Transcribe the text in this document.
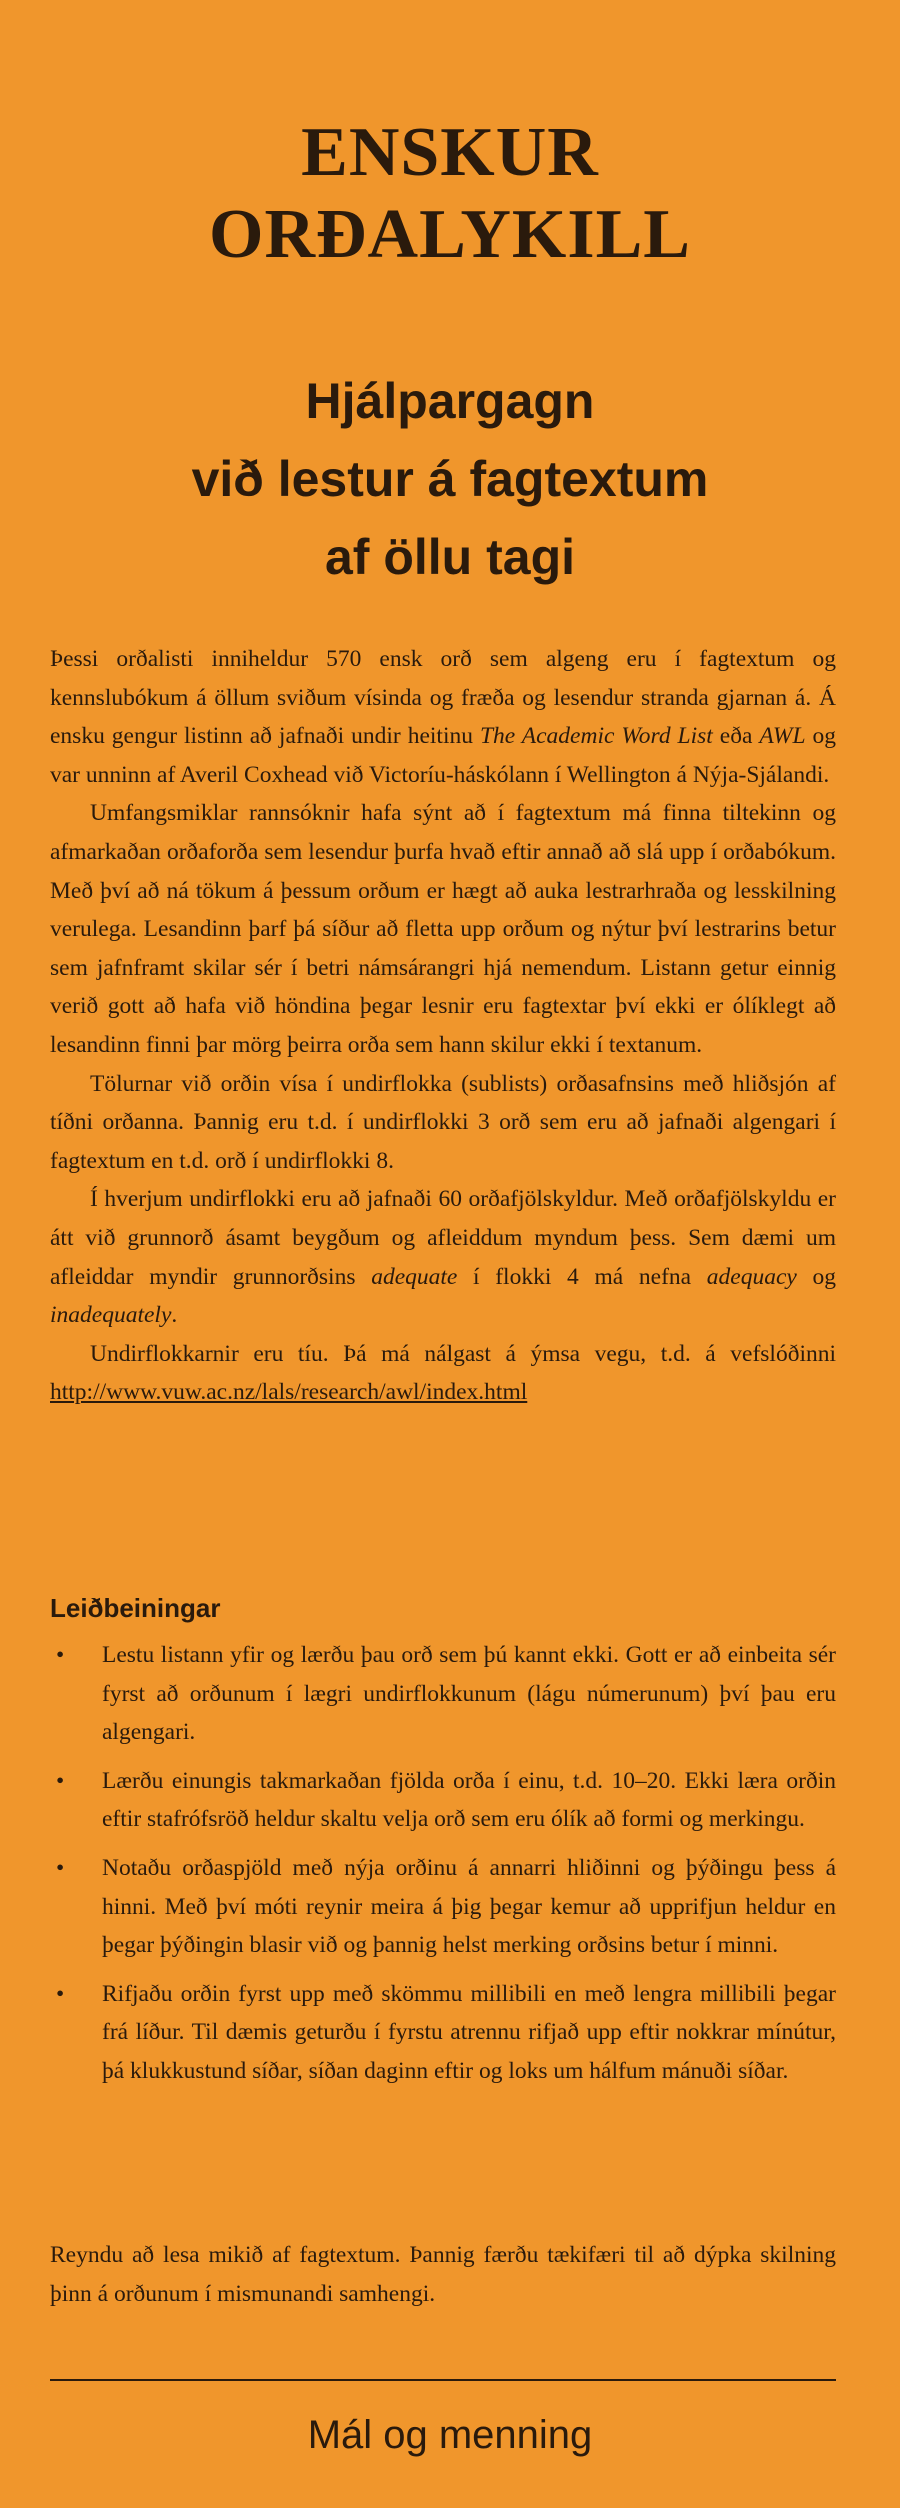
ENSKUR
ORÐALYKILL
Hjálpargagn
við lestur á fagtextum
af öllu tagi

Þessi orðalisti inniheldur 570 ensk orð sem algeng eru í fagtextum og kennslubókum á öllum sviðum vísinda og fræða og lesendur stranda gjarnan á. Á ensku gengur listinn að jafnaði undir heitinu The Academic Word List eða AWL og var unninn af Averil Coxhead við Victoríu-háskólann í Wellington á Nýja-Sjálandi.

Umfangsmiklar rannsóknir hafa sýnt að í fagtextum má finna tiltekinn og afmarkaðan orðaforða sem lesendur þurfa hvað eftir annað að slá upp í orðabókum. Með því að ná tökum á þessum orðum er hægt að auka lestrarhraða og lesskilning verulega. Lesandinn þarf þá síður að fletta upp orðum og nýtur því lestrarins betur sem jafnframt skilar sér í betri námsárangri hjá nemendum. Listann getur einnig verið gott að hafa við höndina þegar lesnir eru fagtextar því ekki er ólíklegt að lesandinn finni þar mörg þeirra orða sem hann skilur ekki í textanum.

Tölurnar við orðin vísa í undirflokka (sublists) orðasafnsins með hliðsjón af tíðni orðanna. Þannig eru t.d. í undirflokki 3 orð sem eru að jafnaði algengari í fagtextum en t.d. orð í undirflokki 8.

Í hverjum undirflokki eru að jafnaði 60 orðafjölskyldur. Með orðafjölskyldu er átt við grunnorð ásamt beygðum og afleiddum myndum þess. Sem dæmi um afleiddar myndir grunnorðsins adequate í flokki 4 má nefna adequacy og inadequately.

Undirflokkarnir eru tíu. Þá má nálgast á ýmsa vegu, t.d. á vefslóðinni http://www.vuw.ac.nz/lals/research/awl/index.html

Leiðbeiningar
• Lestu listann yfir og lærðu þau orð sem þú kannt ekki. Gott er að einbeita sér fyrst að orðunum í lægri undirflokkunum (lágu númerunum) því þau eru algengari.
• Lærðu einungis takmarkaðan fjölda orða í einu, t.d. 10–20. Ekki læra orðin eftir stafrófsröð heldur skaltu velja orð sem eru ólík að formi og merkingu.
• Notaðu orðaspjöld með nýja orðinu á annarri hliðinni og þýðingu þess á hinni. Með því móti reynir meira á þig þegar kemur að upprifjun heldur en þegar þýðingin blasir við og þannig helst merking orðsins betur í minni.
• Rifjaðu orðin fyrst upp með skömmu millibili en með lengra millibili þegar frá líður. Til dæmis geturðu í fyrstu atrennu rifjað upp eftir nokkrar mínútur, þá klukkustund síðar, síðan daginn eftir og loks um hálfum mánuði síðar.

Reyndu að lesa mikið af fagtextum. Þannig færðu tækifæri til að dýpka skilning þinn á orðunum í mismunandi samhengi.

Mál og menning
